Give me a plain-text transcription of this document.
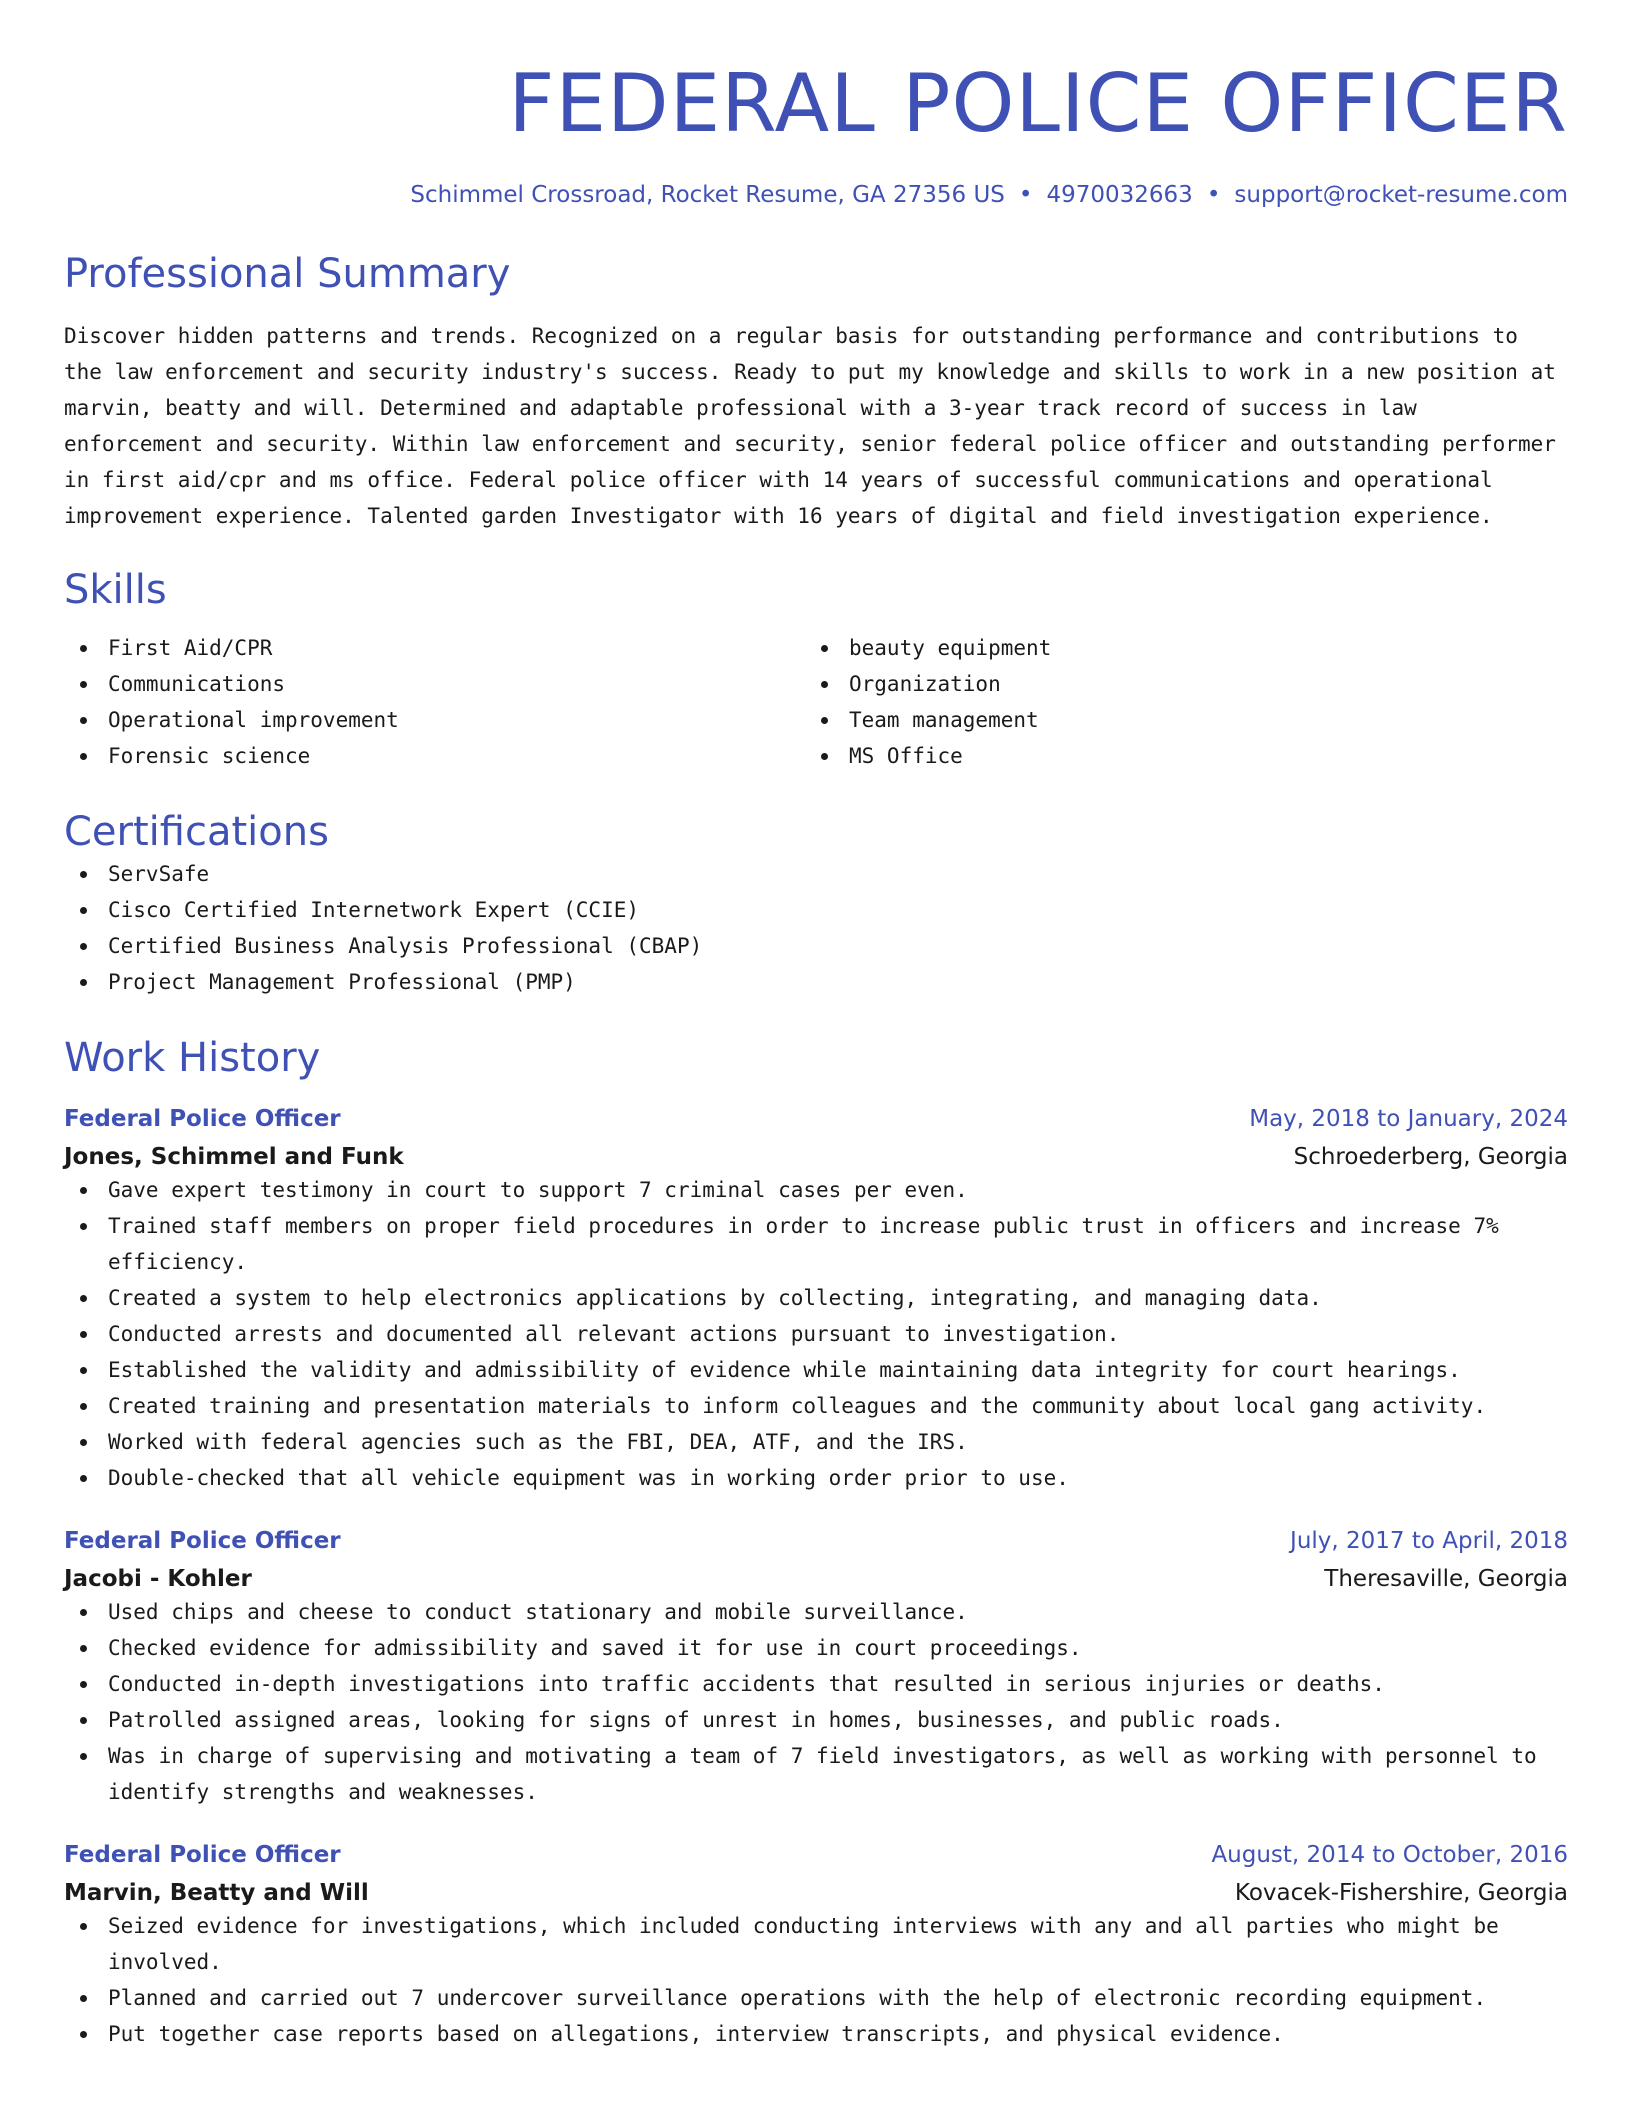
FEDERAL POLICE OFFICER
Schimmel Crossroad, Rocket Resume, GA 27356 US • 4970032663 • support@rocket-resume.com
Professional Summary
Discover hidden patterns and trends. Recognized on a regular basis for outstanding performance and contributions to the law enforcement and security industry's success. Ready to put my knowledge and skills to work in a new position at marvin, beatty and will. Determined and adaptable professional with a 3-year track record of success in law enforcement and security. Within law enforcement and security, senior federal police officer and outstanding performer in first aid/cpr and ms office. Federal police officer with 14 years of successful communications and operational improvement experience. Talented garden Investigator with 16 years of digital and field investigation experience.
Skills
First Aid/CPR
Communications
Operational improvement
Forensic science
beauty equipment
Organization
Team management
MS Office
Certifications
ServSafe
Cisco Certified Internetwork Expert (CCIE)
Certified Business Analysis Professional (CBAP)
Project Management Professional (PMP)
Work History
Federal Police Officer	May, 2018 to January, 2024
Jones, Schimmel and Funk	Schroederberg, Georgia
Gave expert testimony in court to support 7 criminal cases per even.
Trained staff members on proper field procedures in order to increase public trust in officers and increase 7% efficiency.
Created a system to help electronics applications by collecting, integrating, and managing data.
Conducted arrests and documented all relevant actions pursuant to investigation.
Established the validity and admissibility of evidence while maintaining data integrity for court hearings.
Created training and presentation materials to inform colleagues and the community about local gang activity.
Worked with federal agencies such as the FBI, DEA, ATF, and the IRS.
Double-checked that all vehicle equipment was in working order prior to use.
Federal Police Officer	July, 2017 to April, 2018
Jacobi - Kohler	Theresaville, Georgia
Used chips and cheese to conduct stationary and mobile surveillance.
Checked evidence for admissibility and saved it for use in court proceedings.
Conducted in-depth investigations into traffic accidents that resulted in serious injuries or deaths.
Patrolled assigned areas, looking for signs of unrest in homes, businesses, and public roads.
Was in charge of supervising and motivating a team of 7 field investigators, as well as working with personnel to identify strengths and weaknesses.
Federal Police Officer	August, 2014 to October, 2016
Marvin, Beatty and Will	Kovacek-Fishershire, Georgia
Seized evidence for investigations, which included conducting interviews with any and all parties who might be involved.
Planned and carried out 7 undercover surveillance operations with the help of electronic recording equipment.
Put together case reports based on allegations, interview transcripts, and physical evidence.
